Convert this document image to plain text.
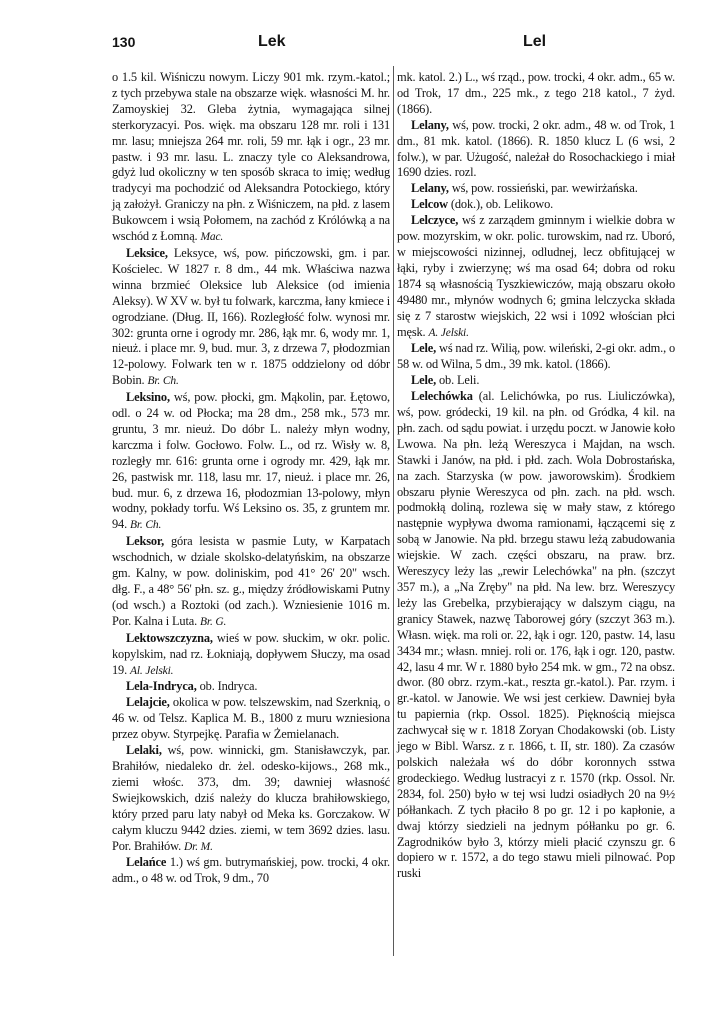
130	Lek	Lel

o 1.5 kil. Wiśniczu nowym. Liczy 901 mk. rzym.-katol.; z tych przebywa stale na obszarze więk. własności M. hr. Zamoyskiej 32. Gleba żytnia, wymagająca silnej sterkoryzacyi. Pos. więk. ma obszaru 128 mr. roli i 131 mr. lasu; mniejsza 264 mr. roli, 59 mr. łąk i ogr., 23 mr. pastw. i 93 mr. lasu. L. znaczy tyle co Aleksandrowa, gdyż lud okoliczny w ten sposób skraca to imię; według tradycyi ma pochodzić od Aleksandra Potockiego, który ją założył. Graniczy na płn. z Wiśniczem, na płd. z lasem Bukowcem i wsią Połomem, na zachód z Królówką a na wschód z Łomną. Mac.

Leksice, Leksyce, wś, pow. pińczowski, gm. i par. Kościelec. W 1827 r. 8 dm., 44 mk. Właściwa nazwa winna brzmieć Oleksice lub Aleksice (od imienia Aleksy). W XV w. był tu folwark, karczma, łany kmiece i ogrodziane. (Dług. II, 166). Rozległość folw. wynosi mr. 302: grunta orne i ogrody mr. 286, łąk mr. 6, wody mr. 1, nieuż. i place mr. 9, bud. mur. 3, z drzewa 7, płodozmian 12-polowy. Folwark ten w r. 1875 oddzielony od dóbr Bobin. Br. Ch.

Leksino, wś, pow. płocki, gm. Mąkolin, par. Łętowo, odl. o 24 w. od Płocka; ma 28 dm., 258 mk., 573 mr. gruntu, 3 mr. nieuż. Do dóbr L. należy młyn wodny, karczma i folw. Gocłowo. Folw. L., od rz. Wisły w. 8, rozległy mr. 616: grunta orne i ogrody mr. 429, łąk mr. 26, pastwisk mr. 118, lasu mr. 17, nieuż. i place mr. 26, bud. mur. 6, z drzewa 16, płodozmian 13-polowy, młyn wodny, pokłady torfu. Wś Leksino os. 35, z gruntem mr. 94. Br. Ch.

Leksor, góra lesista w pasmie Luty, w Karpatach wschodnich, w dziale skolsko-delatyńskim, na obszarze gm. Kalny, w pow. doliniskim, pod 41° 26' 20" wsch. dłg. F., a 48° 56' płn. sz. g., między źródłowiskami Putny (od wsch.) a Roztoki (od zach.). Wzniesienie 1016 m. Por. Kalna i Luta. Br. G.

Lektowszczyzna, wieś w pow. słuckim, w okr. polic. kopylskim, nad rz. Łokniają, dopływem Słuczy, ma osad 19. Al. Jelski.

Lela-Indryca, ob. Indryca.

Lelajcie, okolica w pow. telszewskim, nad Szerknią, o 46 w. od Telsz. Kaplica M. B., 1800 z muru wzniesiona przez obyw. Styrpejkę. Parafia w Żemielanach.

Lelaki, wś, pow. winnicki, gm. Stanisławczyk, par. Brahiłów, niedaleko dr. żel. odesko-kijows., 268 mk., ziemi włośc. 373, dm. 39; dawniej własność Swiejkowskich, dziś należy do klucza brahiłowskiego, który przed paru laty nabył od Meka ks. Gorczakow. W całym kluczu 9442 dzies. ziemi, w tem 3692 dzies. lasu. Por. Brahiłów. Dr. M.

Lelańce 1.) wś gm. butrymańskiej, pow. trocki, 4 okr. adm., o 48 w. od Trok, 9 dm., 70

mk. katol. 2.) L., wś rząd., pow. trocki, 4 okr. adm., 65 w. od Trok, 17 dm., 225 mk., z tego 218 katol., 7 żyd. (1866).

Lelany, wś, pow. trocki, 2 okr. adm., 48 w. od Trok, 1 dm., 81 mk. katol. (1866). R. 1850 klucz L (6 wsi, 2 folw.), w par. Użugość, należał do Rosochackiego i miał 1690 dzies. rozl.

Lelany, wś, pow. rossieński, par. wewirżańska.

Lelcow (dok.), ob. Lelikowo.

Lelczyce, wś z zarządem gminnym i wielkie dobra w pow. mozyrskim, w okr. polic. turowskim, nad rz. Uboró, w miejscowości nizinnej, odludnej, lecz obfitującej w łąki, ryby i zwierzynę; wś ma osad 64; dobra od roku 1874 są własnością Tyszkiewiczów, mają obszaru około 49480 mr., młynów wodnych 6; gmina lelczycka składa się z 7 starostw wiejskich, 22 wsi i 1092 włościan płci męsk. A. Jelski.

Lele, wś nad rz. Wilią, pow. wileński, 2-gi okr. adm., o 58 w. od Wilna, 5 dm., 39 mk. katol. (1866).

Lele, ob. Leli.

Lelechówka (al. Lelichówka, po rus. Liuliczówka), wś, pow. gródecki, 19 kil. na płn. od Gródka, 4 kil. na płn. zach. od sądu powiat. i urzędu poczt. w Janowie koło Lwowa. Na płn. leżą Wereszyca i Majdan, na wsch. Stawki i Janów, na płd. i płd. zach. Wola Dobrostańska, na zach. Starzyska (w pow. jaworowskim). Środkiem obszaru płynie Wereszyca od płn. zach. na płd. wsch. podmokłą doliną, rozlewa się w mały staw, z którego następnie wypływa dwoma ramionami, łączącemi się z sobą w Janowie. Na płd. brzegu stawu leżą zabudowania wiejskie. W zach. części obszaru, na praw. brz. Wereszycy leży las „rewir Lelechówka" na płn. (szczyt 357 m.), a „Na Zręby" na płd. Na lew. brz. Wereszycy leży las Grebelka, przybierający w dalszym ciągu, na granicy Stawek, nazwę Taborowej góry (szczyt 363 m.). Własn. więk. ma roli or. 22, łąk i ogr. 120, pastw. 14, lasu 3434 mr.; własn. mniej. roli or. 176, łąk i ogr. 120, pastw. 42, lasu 4 mr. W r. 1880 było 254 mk. w gm., 72 na obsz. dwor. (80 obrz. rzym.-kat., reszta gr.-katol.). Par. rzym. i gr.-katol. w Janowie. We wsi jest cerkiew. Dawniej była tu papiernia (rkp. Ossol. 1825). Pięknością miejsca zachwycał się w r. 1818 Zoryan Chodakowski (ob. Listy jego w Bibl. Warsz. z r. 1866, t. II, str. 180). Za czasów polskich należała wś do dóbr koronnych sstwa grodeckiego. Według lustracyi z r. 1570 (rkp. Ossol. Nr. 2834, fol. 250) było w tej wsi ludzi osiadłych 20 na 9½ półłankach. Z tych płaciło 8 po gr. 12 i po kapłonie, a dwaj którzy siedzieli na jednym półłanku po gr. 6. Zagrodników było 3, którzy mieli płacić czynszu gr. 6 dopiero w r. 1572, a do tego stawu mieli pilnować. Pop ruski
